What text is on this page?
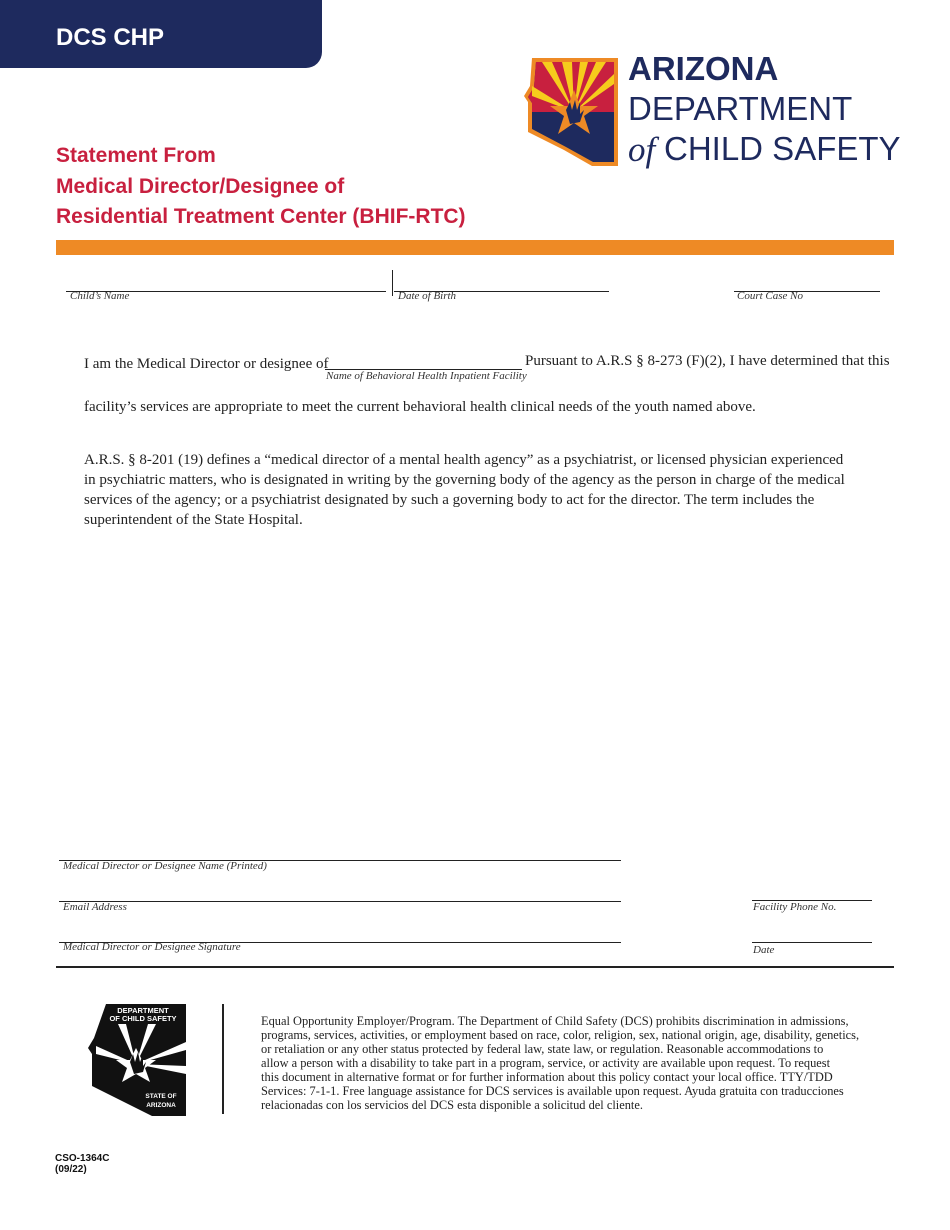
DCS CHP
ARIZONA
DEPARTMENT
of CHILD SAFETY
Statement From
Medical Director/Designee of
Residential Treatment Center (BHIF-RTC)
Child’s Name	Date of Birth	Court Case No
I am the Medical Director or designee of
Name of Behavioral Health Inpatient Facility
Pursuant to A.R.S § 8-273 (F)(2), I have determined that this
facility’s services are appropriate to meet the current behavioral health clinical needs of the youth named above.
A.R.S. § 8-201 (19) defines a “medical director of a mental health agency” as a psychiatrist, or licensed physician experienced
in psychiatric matters, who is designated in writing by the governing body of the agency as the person in charge of the medical
services of the agency; or a psychiatrist designated by such a governing body to act for the director. The term includes the
superintendent of the State Hospital.
Medical Director or Designee Name (Printed)
Email Address
Medical Director or Designee Signature
Facility Phone No.
Date
DEPARTMENT
OF CHILD SAFETY
STATE OF
ARIZONA
Equal Opportunity Employer/Program. The Department of Child Safety (DCS) prohibits discrimination in admissions,
programs, services, activities, or employment based on race, color, religion, sex, national origin, age, disability, genetics,
or retaliation or any other status protected by federal law, state law, or regulation. Reasonable accommodations to
allow a person with a disability to take part in a program, service, or activity are available upon request. To request
this document in alternative format or for further information about this policy contact your local office. TTY/TDD
Services: 7-1-1. Free language assistance for DCS services is available upon request. Ayuda gratuita con traducciones
relacionadas con los servicios del DCS esta disponible a solicitud del cliente.
CSO-1364C
(09/22)
